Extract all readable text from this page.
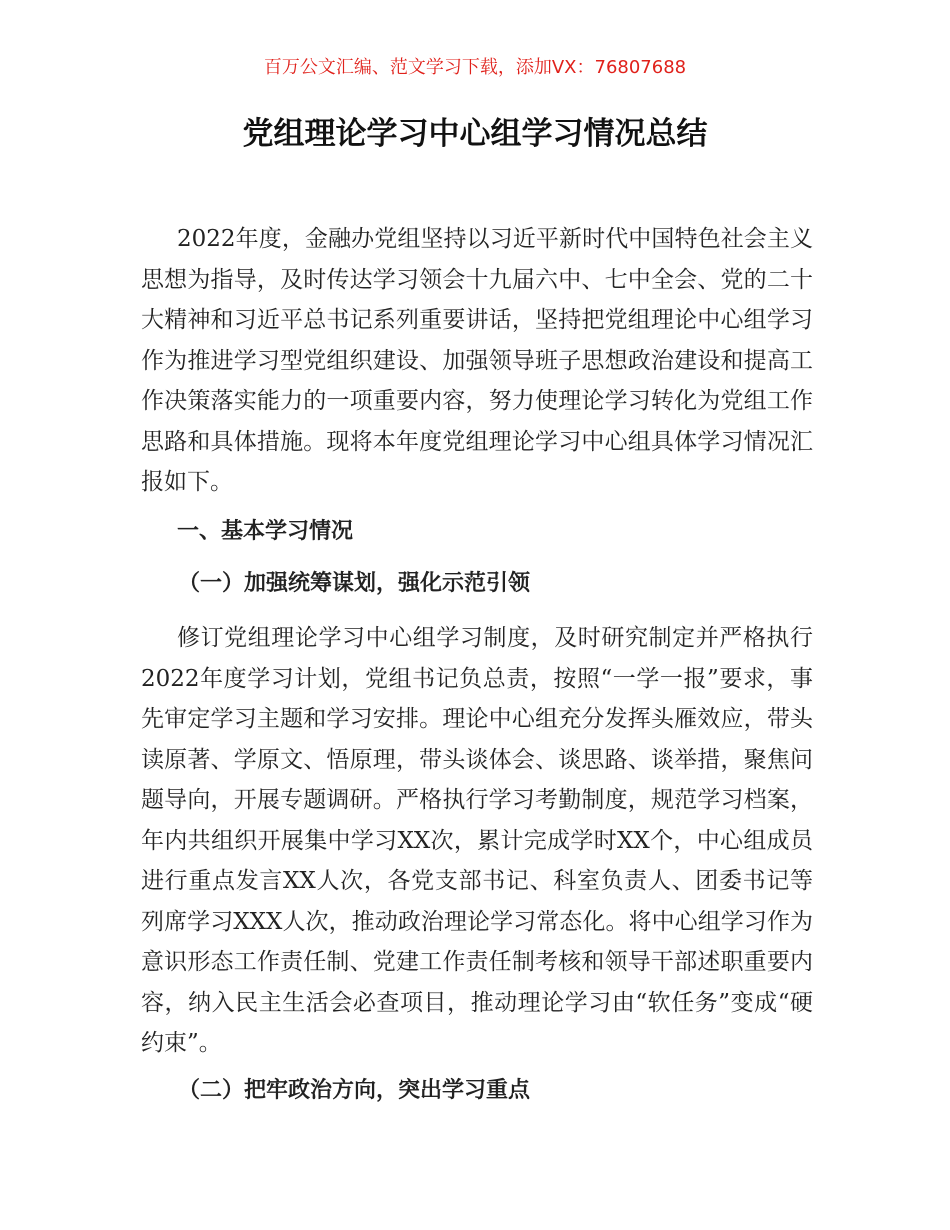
百万公文汇编、范文学习下载，添加VX：76807688
党组理论学习中心组学习情况总结

2022年度，金融办党组坚持以习近平新时代中国特色社会主义思想为指导，及时传达学习领会十九届六中、七中全会、党的二十大精神和习近平总书记系列重要讲话，坚持把党组理论中心组学习作为推进学习型党组织建设、加强领导班子思想政治建设和提高工作决策落实能力的一项重要内容，努力使理论学习转化为党组工作思路和具体措施。现将本年度党组理论学习中心组具体学习情况汇报如下。

一、基本学习情况
（一）加强统筹谋划，强化示范引领

修订党组理论学习中心组学习制度，及时研究制定并严格执行2022年度学习计划，党组书记负总责，按照“一学一报”要求，事先审定学习主题和学习安排。理论中心组充分发挥头雁效应，带头读原著、学原文、悟原理，带头谈体会、谈思路、谈举措，聚焦问题导向，开展专题调研。严格执行学习考勤制度，规范学习档案，年内共组织开展集中学习XX次，累计完成学时XX个，中心组成员进行重点发言XX人次，各党支部书记、科室负责人、团委书记等列席学习XXX人次，推动政治理论学习常态化。将中心组学习作为意识形态工作责任制、党建工作责任制考核和领导干部述职重要内容，纳入民主生活会必查项目，推动理论学习由“软任务”变成“硬约束”。

（二）把牢政治方向，突出学习重点
